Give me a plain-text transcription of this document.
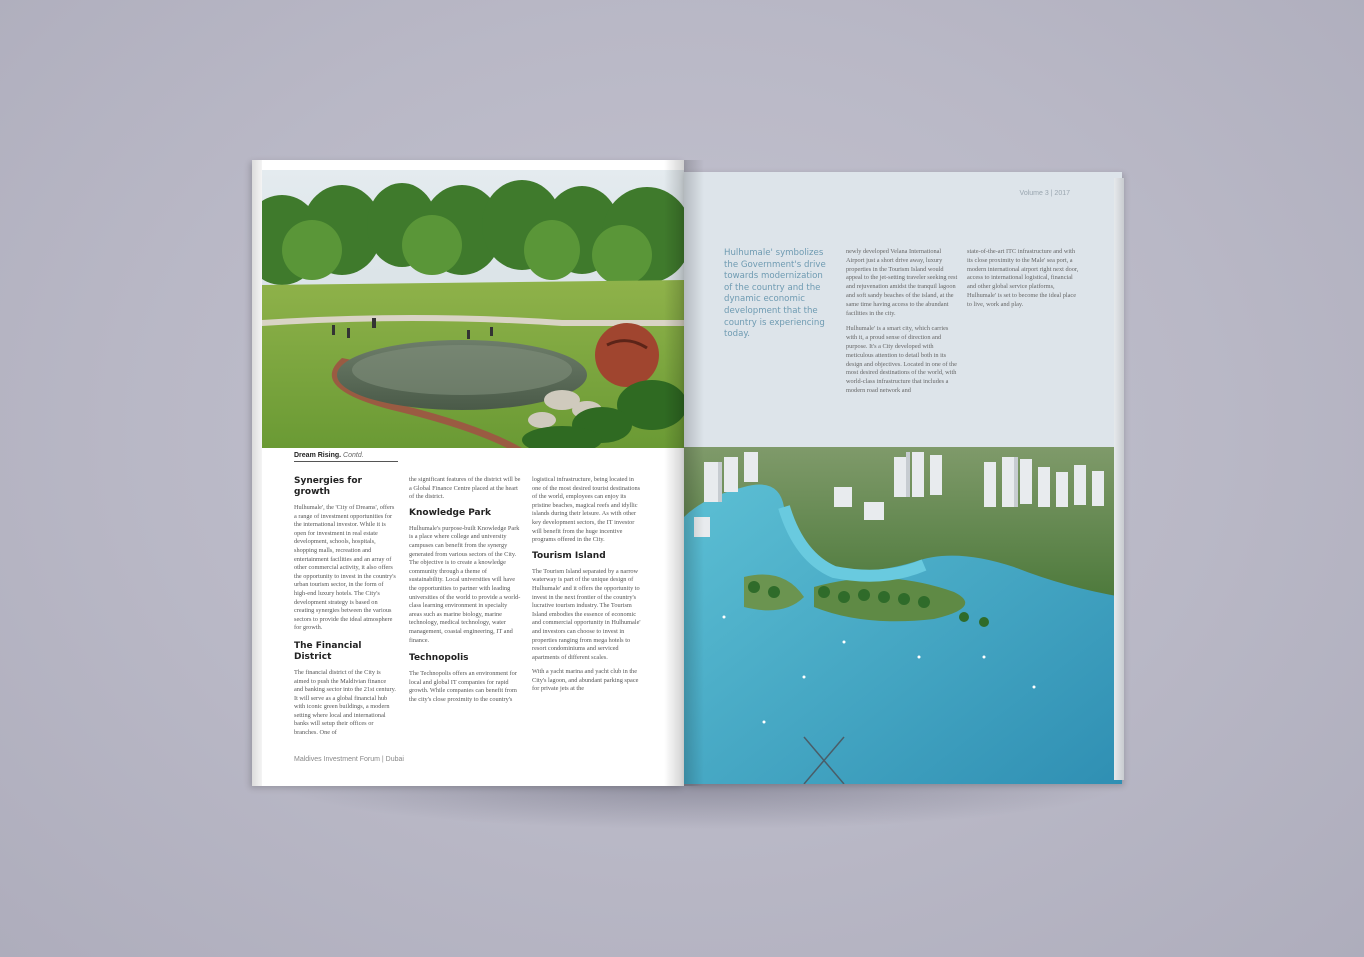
Dream Rising. Contd.
Synergies for growth

Hulhumale', the 'City of Dreams', offers a range of investment opportunities for the international investor. While it is open for investment in real estate development, schools, hospitals, shopping malls, recreation and entertainment facilities and an array of other commercial activity, it also offers the opportunity to invest in the country's urban tourism sector, in the form of high-end luxury hotels. The City's development strategy is based on creating synergies between the various sectors to provide the ideal atmosphere for growth.

The Financial District

The financial district of the City is aimed to push the Maldivian finance and banking sector into the 21st century. It will serve as a global financial hub with iconic green buildings, a modern setting where local and international banks will setup their offices or branches. One of

the significant features of the district will be a Global Finance Centre placed at the heart of the district.

Knowledge Park

Hulhumale's purpose-built Knowledge Park is a place where college and university campuses can benefit from the synergy generated from various sectors of the City. The objective is to create a knowledge community through a theme of sustainability. Local universities will have the opportunities to partner with leading universities of the world to provide a world-class learning environment in specialty areas such as marine biology, marine technology, medical technology, water management, coastal engineering, IT and finance.

Technopolis

The Technopolis offers an environment for local and global IT companies for rapid growth. While companies can benefit from the city's close proximity to the country's

logistical infrastructure, being located in one of the most desired tourist destinations of the world, employees can enjoy its pristine beaches, magical reefs and idyllic islands during their leisure. As with other key development sectors, the IT investor will benefit from the huge incentive programs offered in the City.

Tourism Island

The Tourism Island separated by a narrow waterway is part of the unique design of Hulhumale' and it offers the opportunity to invest in the next frontier of the country's lucrative tourism industry. The Tourism Island embodies the essence of economic and commercial opportunity in Hulhumale' and investors can choose to invest in properties ranging from mega hotels to resort condominiums and serviced apartments of different scales.

With a yacht marina and yacht club in the City's lagoon, and abundant parking space for private jets at the

Maldives Investment Forum | Dubai
Volume 3 | 2017
Hulhumale' symbolizes the Government's drive towards modernization of the country and the dynamic economic development that the country is experiencing today.

newly developed Velana International Airport just a short drive away, luxury properties in the Tourism Island would appeal to the jet-setting traveler seeking rest and rejuvenation amidst the tranquil lagoon and soft sandy beaches of the island, at the same time having access to the abundant facilities in the city.

Hulhumale' is a smart city, which carries with it, a proud sense of direction and purpose. It's a City developed with meticulous attention to detail both in its design and objectives. Located in one of the most desired destinations of the world, with world-class infrastructure that includes a modern road network and

state-of-the-art ITC infrastructure and with its close proximity to the Male' sea port, a modern international airport right next door, access to international logistical, financial and other global service platforms, Hulhumale' is set to become the ideal place to live, work and play.
